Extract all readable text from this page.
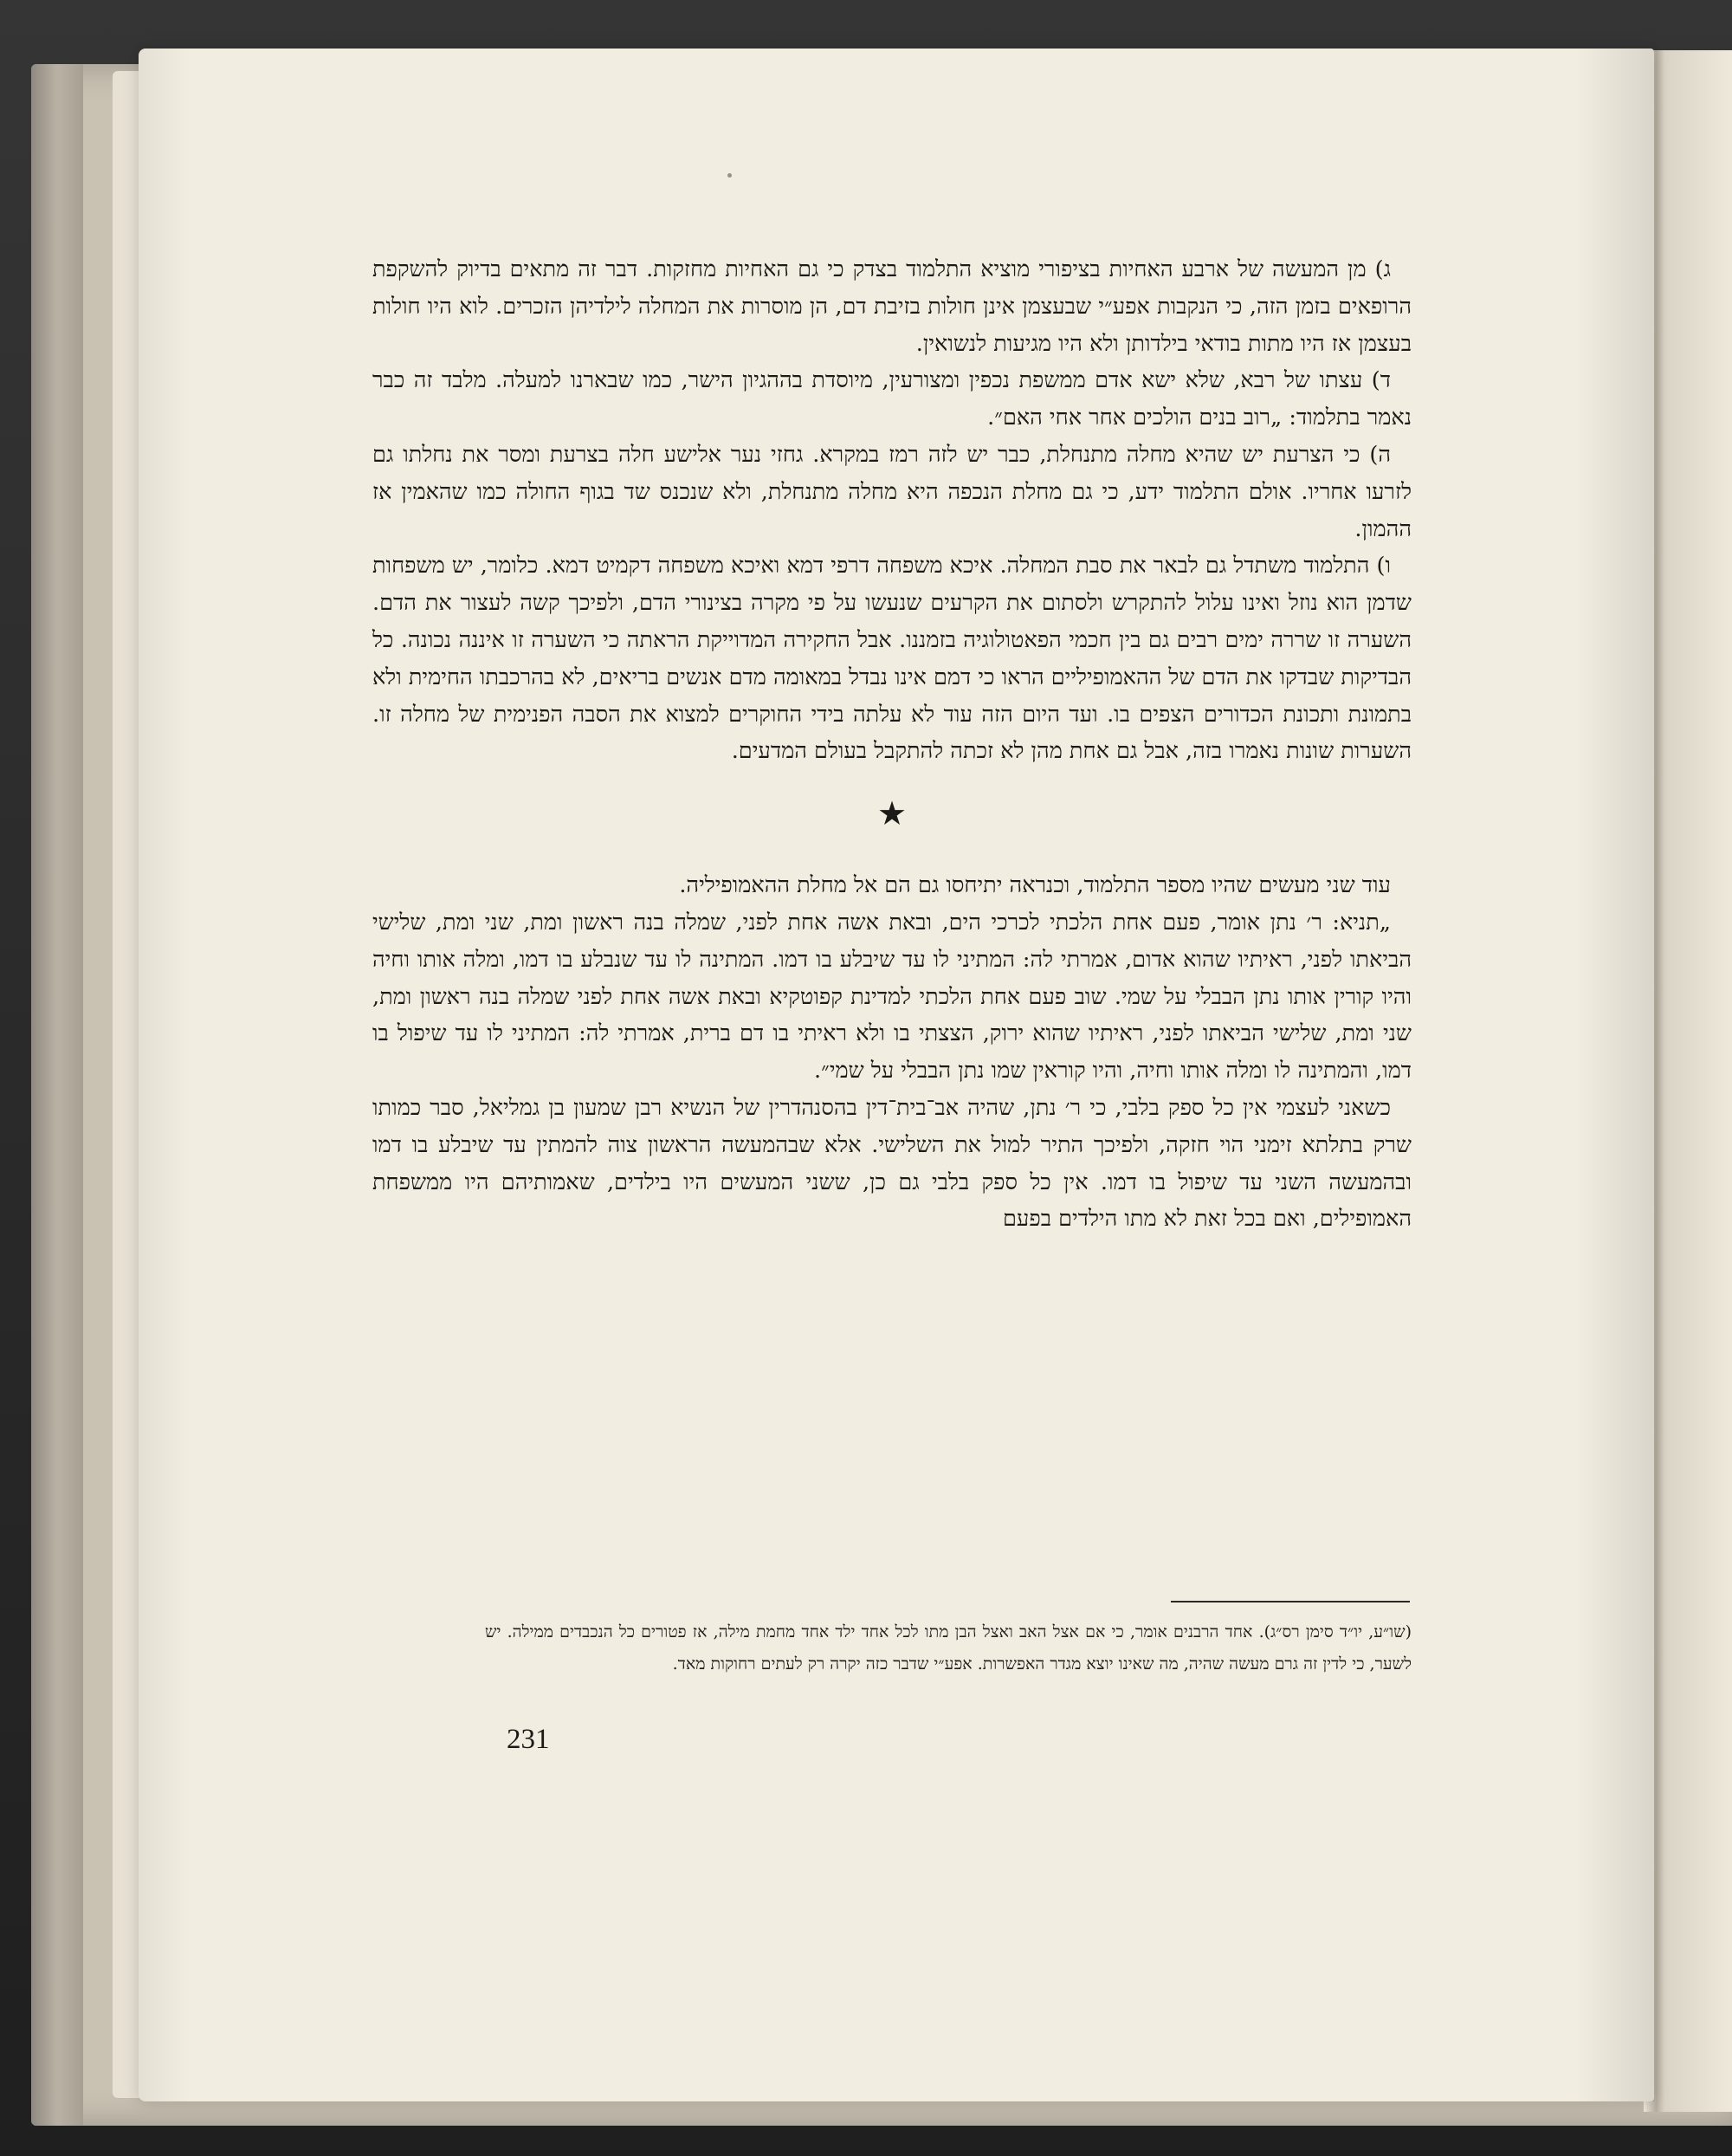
ג) מן המעשה של ארבע האחיות בציפורי מוציא התלמוד בצדק כי גם האחיות מחזקות. דבר זה מתאים בדיוק להשקפת הרופאים בזמן הזה, כי הנקבות אפע״י שבעצמן אינן חולות בזיבת דם, הן מוסרות את המחלה לילדיהן הזכרים. לוא היו חולות בעצמן אז היו מתות בודאי בילדותן ולא היו מגיעות לנשואין.

ד) עצתו של רבא, שלא ישא אדם ממשפת נכפין ומצורעין, מיוסדת בההגיון הישר, כמו שבארנו למעלה. מלבד זה כבר נאמר בתלמוד: „רוב בנים הולכים אחר אחי האם״.

ה) כי הצרעת יש שהיא מחלה מתנחלת, כבר יש לזה רמז במקרא. גחזי נער אלישע חלה בצרעת ומסר את נחלתו גם לזרעו אחריו. אולם התלמוד ידע, כי גם מחלת הנכפה היא מחלה מתנחלת, ולא שנכנס שד בגוף החולה כמו שהאמין אז ההמון.

ו) התלמוד משתדל גם לבאר את סבת המחלה. איכא משפחה דרפי דמא ואיכא משפחה דקמיט דמא. כלומר, יש משפחות שדמן הוא נוזל ואינו עלול להתקרש ולסתום את הקרעים שנעשו על פי מקרה בצינורי הדם, ולפיכך קשה לעצור את הדם. השערה זו שררה ימים רבים גם בין חכמי הפאטולוגיה בזמננו. אבל החקירה המדוייקת הראתה כי השערה זו איננה נכונה. כל הבדיקות שבדקו את הדם של ההאמופיליים הראו כי דמם אינו נבדל במאומה מדם אנשים בריאים, לא בהרכבתו החימית ולא בתמונת ותכונת הכדורים הצפים בו. ועד היום הזה עוד לא עלתה בידי החוקרים למצוא את הסבה הפנימית של מחלה זו. השערות שונות נאמרו בזה, אבל גם אחת מהן לא זכתה להתקבל בעולם המדעים.

★

עוד שני מעשים שהיו מספר התלמוד, וכנראה יתיחסו גם הם אל מחלת ההאמופיליה.

„תניא: ר׳ נתן אומר, פעם אחת הלכתי לכרכי הים, ובאת אשה אחת לפני, שמלה בנה ראשון ומת, שני ומת, שלישי הביאתו לפני, ראיתיו שהוא אדום, אמרתי לה: המתיני לו עד שיבלע בו דמו. המתינה לו עד שנבלע בו דמו, ומלה אותו וחיה והיו קורין אותו נתן הבבלי על שמי. שוב פעם אחת הלכתי למדינת קפוטקיא ובאת אשה אחת לפני שמלה בנה ראשון ומת, שני ומת, שלישי הביאתו לפני, ראיתיו שהוא ירוק, הצצתי בו ולא ראיתי בו דם ברית, אמרתי לה: המתיני לו עד שיפול בו דמו, והמתינה לו ומלה אותו וחיה, והיו קוראין שמו נתן הבבלי על שמי״.

כשאני לעצמי אין כל ספק בלבי, כי ר׳ נתן, שהיה אב־בית־דין בהסנהדרין של הנשיא רבן שמעון בן גמליאל, סבר כמותו שרק בתלתא זימני הוי חזקה, ולפיכך התיר למול את השלישי. אלא שבהמעשה הראשון צוה להמתין עד שיבלע בו דמו ובהמעשה השני עד שיפול בו דמו. אין כל ספק בלבי גם כן, ששני המעשים היו בילדים, שאמותיהם היו ממשפחת האמופילים, ואם בכל זאת לא מתו הילדים בפעם

(שו״ע, יו״ד סימן רס״ג). אחד הרבנים אומר, כי אם אצל האב ואצל הבן מתו לכל אחד ילד אחד מחמת מילה, אז פטורים כל הנכבדים ממילה. יש לשער, כי לדין זה גרם מעשה שהיה, מה שאינו יוצא מגדר האפשרות. אפע״י שדבר כזה יקרה רק לעתים רחוקות מאד.
231
